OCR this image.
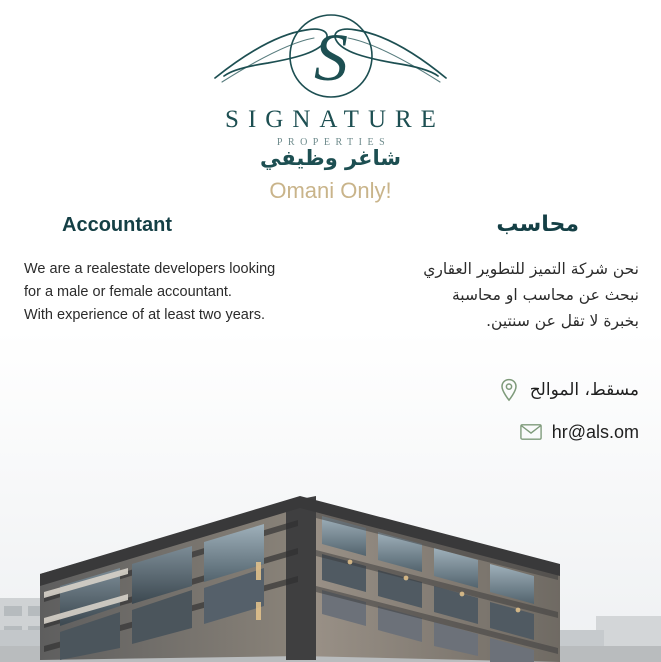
S
SIGNATURE
PROPERTIES
شاغر وظيفي
Omani Only!
Accountant	محاسب
We are a realestate developers looking
for a male or female accountant.
With experience of at least two years.
نحن شركة التميز للتطوير العقاري
نبحث عن محاسب او محاسبة
بخبرة لا تقل عن سنتين.
مسقط، الموالح
hr@als.om
